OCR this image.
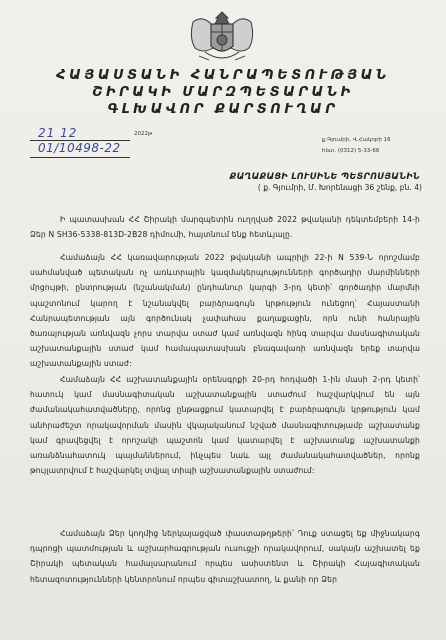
ՀԱՅԱՍՏԱՆԻ ՀԱՆՐԱՊԵՏՈՒԹՅԱՆ
ՇԻՐԱԿԻ ՄԱՐԶՊԵՏԱՐԱՆԻ
ԳԼԽԱՎՈՐ ՔԱՐՏՈՒՂԱՐ
21 12	2022թ
01/10498-22
ք.Գյումրի, Վ.Հակոբի 16
hետ. (0312) 5-33-66
ՔԱՂԱՔԱՑԻ ԼՈՒՍԻՆԵ ՊԵՏՐՈՍՅԱՆԻՆ
( ք. Գյումրի, Մ. Խորենացի 36 շենք, բն. 4)
Ի պատասխան ՀՀ Շիրակի մարզպետին ուղղված 2022 թվականի դեկտեմբերի 14-ի Ձեր N SH36-5338-813D-2B28 դիմումի, հայտնում ենք հետևյալը.
Համաձայն ՀՀ կառավարության 2022 թվականի ապրիլի 22-ի N 539-Ն որոշմամբ սահմանված պետական ոչ առևտրային կազմակերպությունների գործադիր մարմինների մրցույթի, ընտրության (նշանակման) ընդհանուր կարգի 3-րդ կետի՝ գործադիր մարմնի պաշտոնում կարող է նշանակվել բարձրագույն կրթություն ունեցող՝ Հայաստանի Հանրապետության այն գործունակ չափահաս քաղաքացին, որն ունի հանրային ծառայության առնվազն չորս տարվա ստաժ կամ առնվազն հինգ տարվա մասնագիտական աշխատանքային ստաժ կամ համապատասխան բնագավառի առնվազն երեք տարվա աշխատանքային ստաժ:
Համաձայն ՀՀ աշխատանքային օրենսգրքի 20-րդ հոդվածի 1-ին մասի 2-րդ կետի՝ հատուկ կամ մասնագիտական աշխատանքային ստաժում հաշվարկվում են այն ժամանակահատվածները, որոնց ընթացքում կատարվել է բարձրագույն կրթություն կամ անհրաժեշտ որակավորման մասին վկայականում նշված մասնագիտությամբ աշխատանք կամ գրավեցվել է որոշակի պաշտոն կամ կատարվել է աշխատանք աշխատանքի առանձնահատուկ պայմաններում, ինչպես նաև այլ ժամանակահատվածներ, որոնք թույլատրվում է հաշվարկել տվյալ տիպի աշխատանքային ստաժում:
Համաձայն Ձեր կողմից ներկայացված փաստաթղթերի՝ Դուք ստացել եք միջնակարգ դպրոցի պատմության և աշխարհագրության ուսուցչի որակավորում, սակայն աշխատել եք Շիրակի պետական համալսարանում որպես ասիստենտ և Շիրակի Հայագիտական հետազոտությունների կենտրոնում որպես գիտաշխատող, և քանի որ Ձեր
